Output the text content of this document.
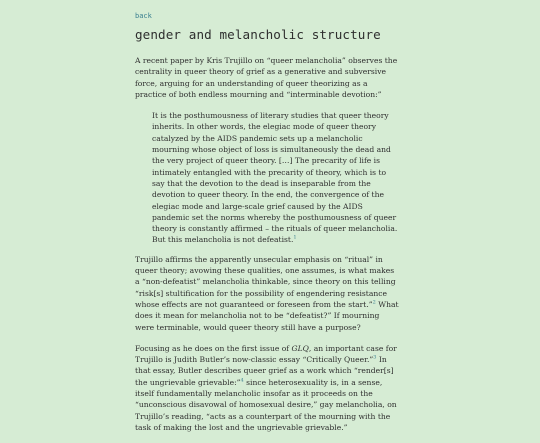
back
gender and melancholic structure

A recent paper by Kris Trujillo on “queer melancholia” observes the centrality in queer theory of grief as a generative and subversive force, arguing for an understanding of queer theorizing as a practice of both endless mourning and “interminable devotion:”

It is the posthumousness of literary studies that queer theory inherits. In other words, the elegiac mode of queer theory catalyzed by the AIDS pandemic sets up a melancholic mourning whose object of loss is simultaneously the dead and the very project of queer theory. […] The precarity of life is intimately entangled with the precarity of theory, which is to say that the devotion to the dead is inseparable from the devotion to queer theory. In the end, the convergence of the elegiac mode and large-scale grief caused by the AIDS pandemic set the norms whereby the posthumousness of queer theory is constantly affirmed – the rituals of queer melancholia. But this melancholia is not defeatist.$^1$

Trujillo affirms the apparently unsecular emphasis on “ritual” in queer theory; avowing these qualities, one assumes, is what makes a “non-defeatist” melancholia thinkable, since theory on this telling “risk[s] stultification for the possibility of engendering resistance whose effects are not guaranteed or foreseen from the start.”$^2$ What does it mean for melancholia not to be “defeatist?” If mourning were terminable, would queer theory still have a purpose?

Focusing as he does on the first issue of GLQ, an important case for Trujillo is Judith Butler’s now-classic essay “Critically Queer.”$^3$ In that essay, Butler describes queer grief as a work which “render[s] the ungrievable grievable:”$^4$ since heterosexuality is, in a sense, itself fundamentally melancholic insofar as it proceeds on the “unconscious disavowal of homosexual desire,” gay melancholia, on Trujillo’s reading, “acts as a counterpart of the mourning with the task of making the lost and the ungrievable grievable.”
